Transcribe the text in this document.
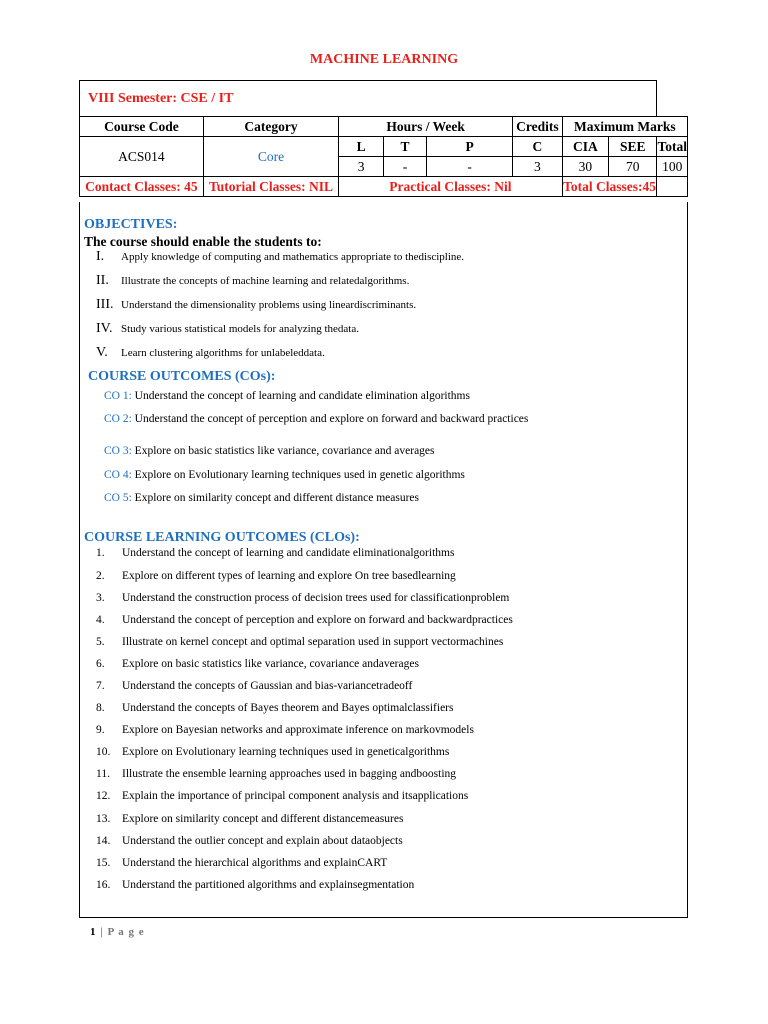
MACHINE LEARNING
VIII Semester: CSE / IT								
Course Code	Category	Hours / Week			Credits	Maximum Marks		
ACS014	Core	L	T	P	C	CIA	SEE	Total
		3	-	-	3	30	70	100
Contact Classes: 45	Tutorial Classes: NIL	Practical Classes: Nil				Total Classes:45		
OBJECTIVES:
The course should enable the students to:
I.	Apply knowledge of computing and mathematics appropriate to thediscipline.
II.	Illustrate the concepts of machine learning and relatedalgorithms.
III. Understand the dimensionality problems using lineardiscriminants.
IV. Study various statistical models for analyzing thedata.
V.	Learn clustering algorithms for unlabeleddata.
COURSE OUTCOMES (COs):
CO 1: Understand the concept of learning and candidate elimination algorithms
CO 2: Understand the concept of perception and explore on forward and backward practices
CO 3: Explore on basic statistics like variance, covariance and averages
CO 4: Explore on Evolutionary learning techniques used in genetic algorithms
CO 5: Explore on similarity concept and different distance measures
COURSE LEARNING OUTCOMES (CLOs):
1.	Understand the concept of learning and candidate eliminationalgorithms
2.	Explore on different types of learning and explore On tree basedlearning
3.	Understand the construction process of decision trees used for classificationproblem
4.	Understand the concept of perception and explore on forward and backwardpractices
5.	Illustrate on kernel concept and optimal separation used in support vectormachines
6.	Explore on basic statistics like variance, covariance andaverages
7.	Understand the concepts of Gaussian and bias-variancetradeoff
8.	Understand the concepts of Bayes theorem and Bayes optimalclassifiers
9.	Explore on Bayesian networks and approximate inference on markovmodels
10.	Explore on Evolutionary learning techniques used in geneticalgorithms
11.	Illustrate the ensemble learning approaches used in bagging andboosting
12.	Explain the importance of principal component analysis and itsapplications
13.	Explore on similarity concept and different distancemeasures
14.	Understand the outlier concept and explain about dataobjects
15.	Understand the hierarchical algorithms and explainCART
16.	Understand the partitioned algorithms and explainsegmentation
1 | P a g e
